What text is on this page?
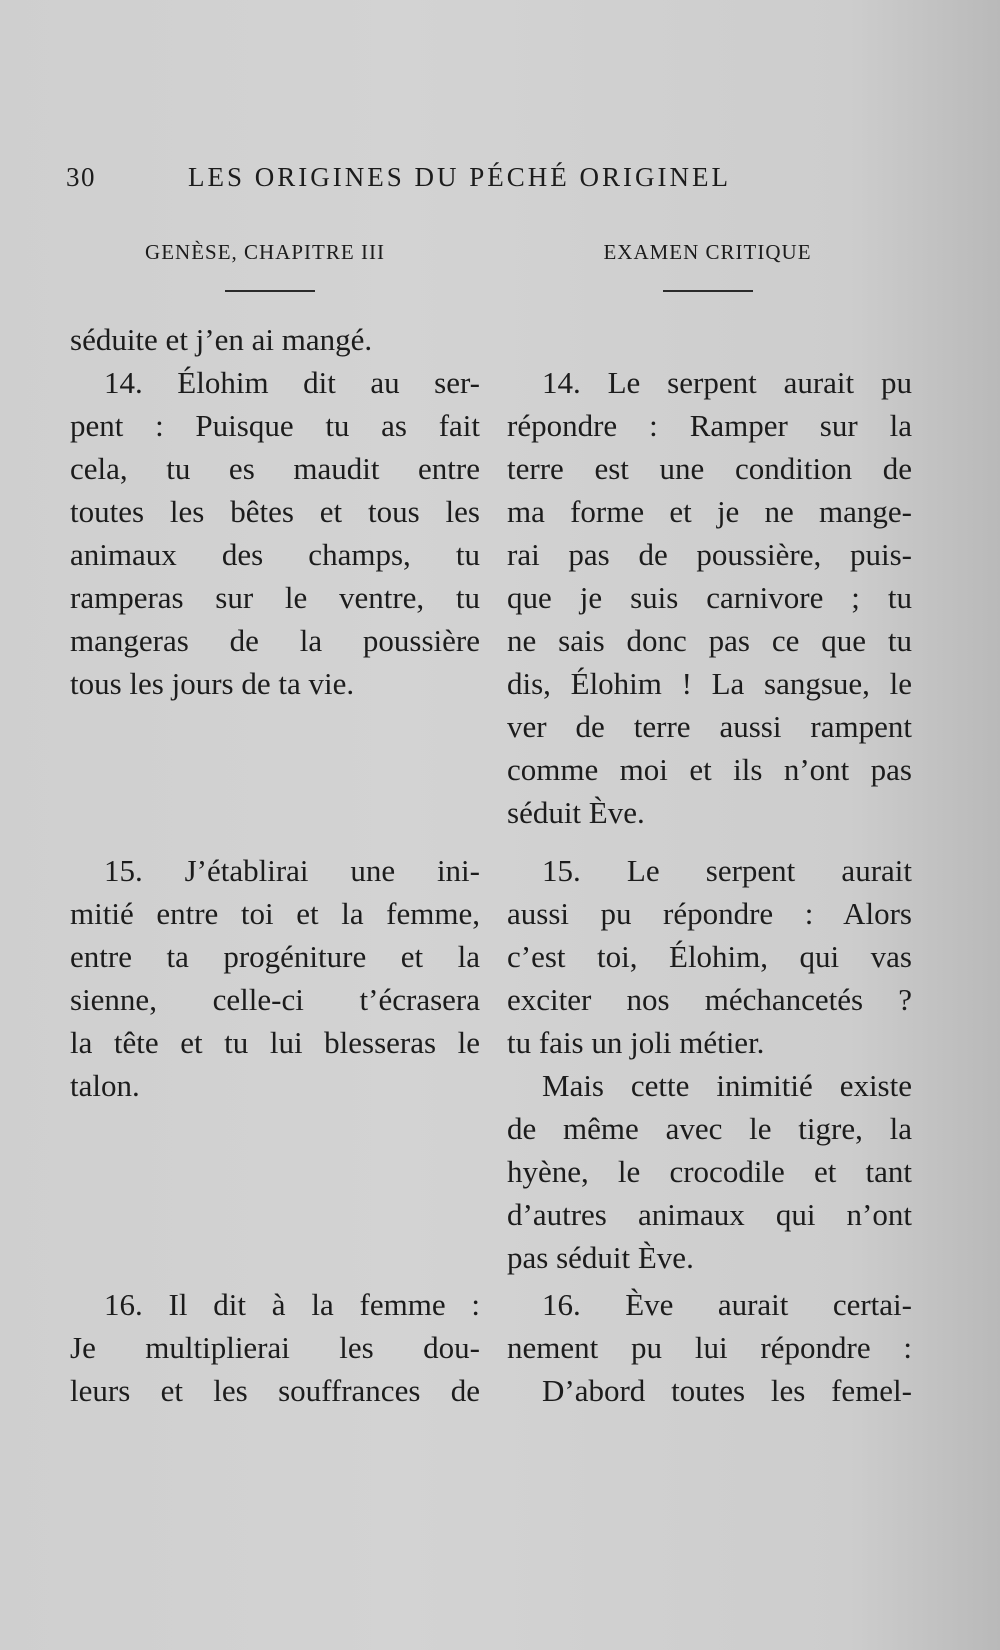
30	LES ORIGINES DU PÉCHÉ ORIGINEL
GENÈSE, CHAPITRE III	EXAMEN CRITIQUE
séduite et j’en ai mangé.
14. Élohim dit au ser-
pent : Puisque tu as fait
cela, tu es maudit entre
toutes les bêtes et tous les
animaux des champs, tu
ramperas sur le ventre, tu
mangeras de la poussière
tous les jours de ta vie.
15. J’établirai une ini-
mitié entre toi et la femme,
entre ta progéniture et la
sienne, celle-ci t’écrasera
la tête et tu lui blesseras le
talon.
16. Il dit à la femme :
Je multiplierai les dou-
leurs et les souffrances de
14. Le serpent aurait pu
répondre : Ramper sur la
terre est une condition de
ma forme et je ne mange-
rai pas de poussière, puis-
que je suis carnivore ; tu
ne sais donc pas ce que tu
dis, Élohim ! La sangsue, le
ver de terre aussi rampent
comme moi et ils n’ont pas
séduit Ève.
15. Le serpent aurait
aussi pu répondre : Alors
c’est toi, Élohim, qui vas
exciter nos méchancetés ?
tu fais un joli métier.
Mais cette inimitié existe
de même avec le tigre, la
hyène, le crocodile et tant
d’autres animaux qui n’ont
pas séduit Ève.
16. Ève aurait certai-
nement pu lui répondre :
D’abord toutes les femel-
